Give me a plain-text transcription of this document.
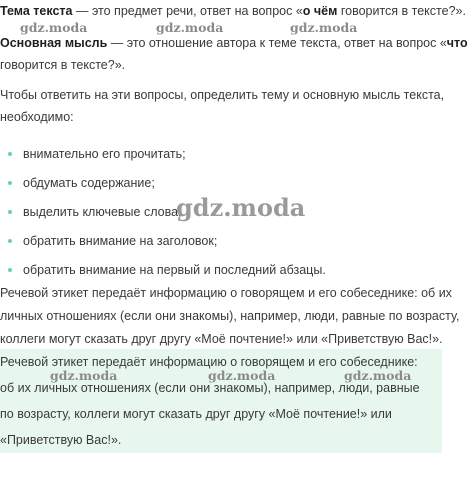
Тема текста — это предмет речи, ответ на вопрос «о чём говорится в тексте?».
Основная мысль — это отношение автора к теме текста, ответ на вопрос «что
говорится в тексте?».
Чтобы ответить на эти вопросы, определить тему и основную мысль текста,
необходимо:
внимательно его прочитать;
обдумать содержание;
выделить ключевые слова;
обратить внимание на заголовок;
обратить внимание на первый и последний абзацы.
Речевой этикет передаёт информацию о говорящем и его собеседнике: об их
личных отношениях (если они знакомы), например, люди, равные по возрасту,
коллеги могут сказать друг другу «Моё почтение!» или «Приветствую Вас!».
Речевой этикет передаёт информацию о говорящем и его собеседнике:
об их личных отношениях (если они знакомы), например, люди, равные
по возрасту, коллеги могут сказать друг другу «Моё почтение!» или
«Приветствую Вас!».
gdz.moda	gdz.moda	gdz.moda
gdz.moda
gdz.moda	gdz.moda	gdz.moda
